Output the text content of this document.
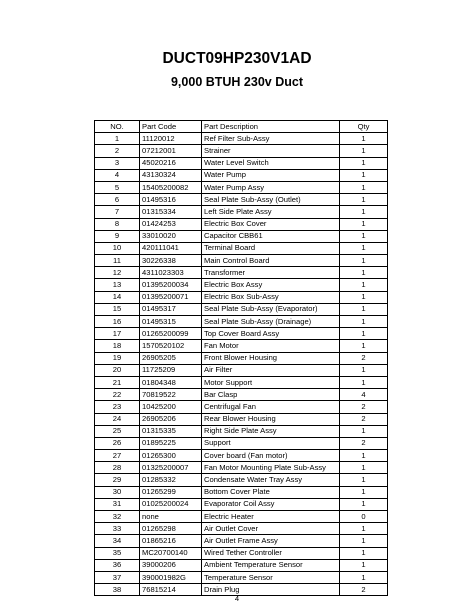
DUCT09HP230V1AD
9,000 BTUH 230v Duct
NO.	Part Code	Part Description	Qty
1	11120012	Ref Filter Sub-Assy	1
2	07212001	Strainer	1
3	45020216	Water Level Switch	1
4	43130324	Water Pump	1
5	15405200082	Water Pump Assy	1
6	01495316	Seal Plate Sub-Assy (Outlet)	1
7	01315334	Left Side Plate Assy	1
8	01424253	Electric Box Cover	1
9	33010020	Capacitor CBB61	1
10	420111041	Terminal Board	1
11	30226338	Main Control Board	1
12	4311023303	Transformer	1
13	01395200034	Electric Box Assy	1
14	01395200071	Electric Box Sub-Assy	1
15	01495317	Seal Plate Sub-Assy (Evaporator)	1
16	01495315	Seal Plate Sub-Assy (Drainage)	1
17	01265200099	Top Cover Board Assy	1
18	1570520102	Fan Motor	1
19	26905205	Front Blower Housing	2
20	11725209	Air Filter	1
21	01804348	Motor Support	1
22	70819522	Bar Clasp	4
23	10425200	Centrifugal Fan	2
24	26905206	Rear Blower Housing	2
25	01315335	Right Side Plate Assy	1
26	01895225	Support	2
27	01265300	Cover board (Fan motor)	1
28	01325200007	Fan Motor Mounting Plate Sub-Assy	1
29	01285332	Condensate Water Tray Assy	1
30	01265299	Bottom Cover Plate	1
31	01025200024	Evaporator Coil Assy	1
32	none	Electric Heater	0
33	01265298	Air Outlet Cover	1
34	01865216	Air Outlet Frame Assy	1
35	MC20700140	Wired Tether Controller	1
36	39000206	Ambient Temperature Sensor	1
37	390001982G	Temperature Sensor	1
38	76815214	Drain Plug	2
4
